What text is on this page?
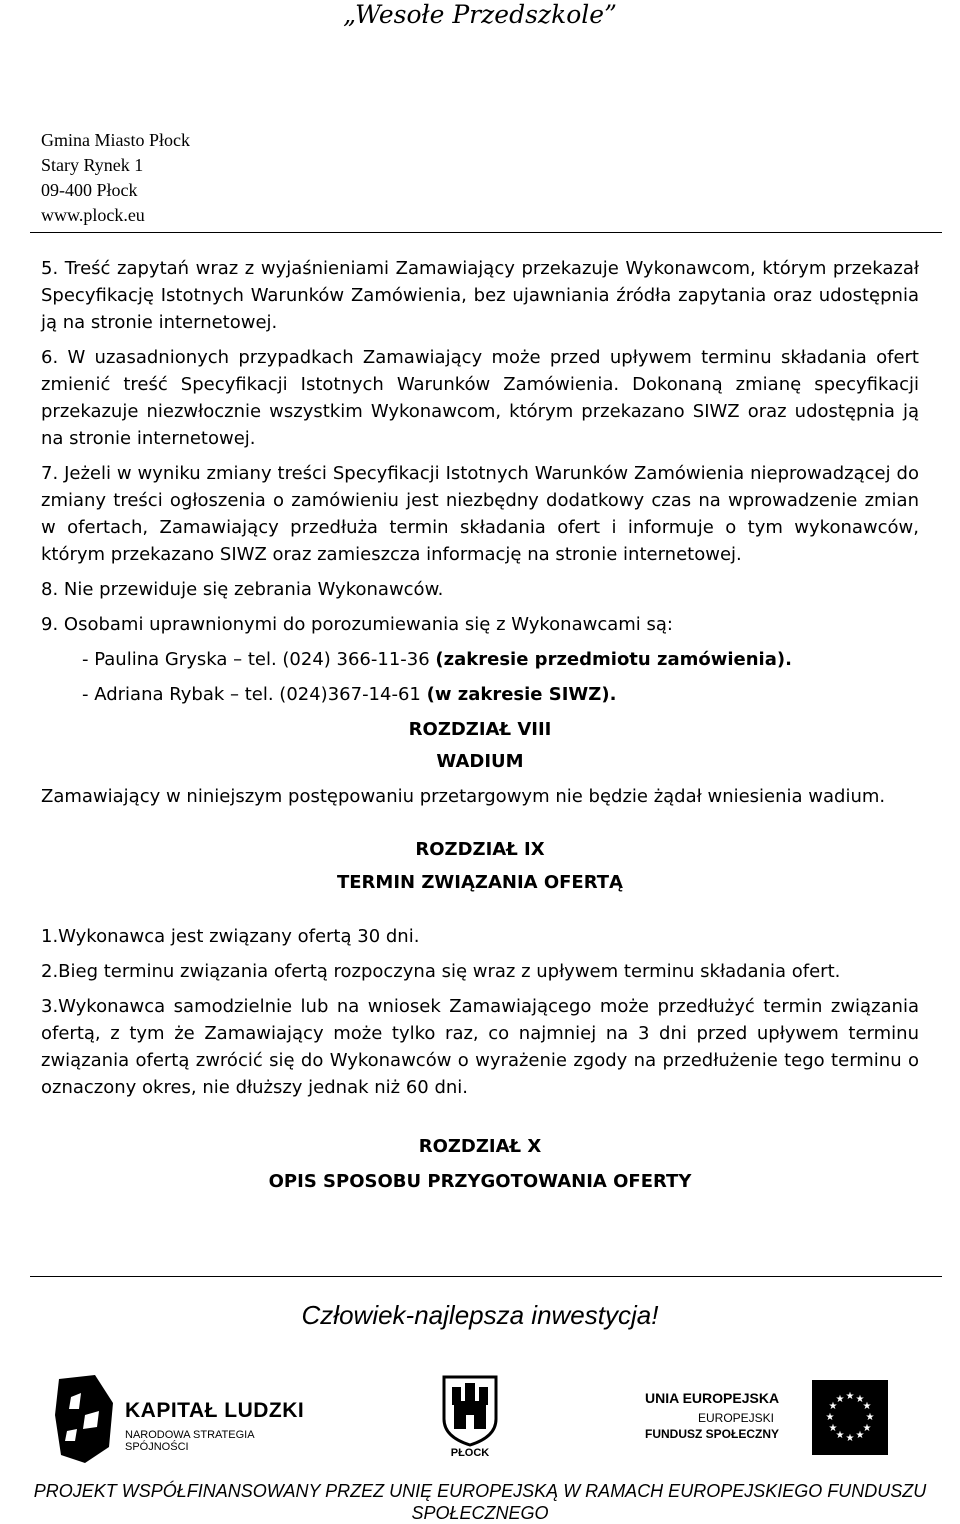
„Wesołe Przedszkole”
Gmina Miasto Płock
Stary Rynek 1
09-400 Płock
www.plock.eu

5. Treść zapytań wraz z wyjaśnieniami Zamawiający przekazuje Wykonawcom, którym przekazał Specyfikację Istotnych Warunków Zamówienia, bez ujawniania źródła zapytania oraz udostępnia ją na stronie internetowej.

6. W uzasadnionych przypadkach Zamawiający może przed upływem terminu składania ofert zmienić treść Specyfikacji Istotnych Warunków Zamówienia. Dokonaną zmianę specyfikacji przekazuje niezwłocznie wszystkim Wykonawcom, którym przekazano SIWZ oraz udostępnia ją na stronie internetowej.

7. Jeżeli w wyniku zmiany treści Specyfikacji Istotnych Warunków Zamówienia nieprowadzącej do zmiany treści ogłoszenia o zamówieniu jest niezbędny dodatkowy czas na wprowadzenie zmian w ofertach, Zamawiający przedłuża termin składania ofert i informuje o tym wykonawców, którym przekazano SIWZ oraz zamieszcza informację na stronie internetowej.

8. Nie przewiduje się zebrania Wykonawców.

9. Osobami uprawnionymi do porozumiewania się z Wykonawcami są:

- Paulina Gryska – tel. (024) 366-11-36 (zakresie przedmiotu zamówienia).

- Adriana Rybak – tel. (024)367-14-61 (w zakresie SIWZ).

ROZDZIAŁ VIII

WADIUM

Zamawiający w niniejszym postępowaniu przetargowym nie będzie żądał wniesienia wadium.

ROZDZIAŁ IX

TERMIN ZWIĄZANIA OFERTĄ

1.Wykonawca jest związany ofertą 30 dni.

2.Bieg terminu związania ofertą rozpoczyna się wraz z upływem terminu składania ofert.

3.Wykonawca samodzielnie lub na wniosek Zamawiającego może przedłużyć termin związania ofertą, z tym że Zamawiający może tylko raz, co najmniej na 3 dni przed upływem terminu związania ofertą zwrócić się do Wykonawców o wyrażenie zgody na przedłużenie tego terminu o oznaczony okres, nie dłuższy jednak niż 60 dni.

ROZDZIAŁ X

OPIS SPOSOBU PRZYGOTOWANIA OFERTY

Człowiek-najlepsza inwestycja!
KAPITAŁ LUDZKI
NARODOWA STRATEGIA SPÓJNOŚCI	PŁOCK
UNIA EUROPEJSKA
EUROPEJSKI
FUNDUSZ SPOŁECZNY
★ ★
★
★
★
★
★
★
★
★
★
★
PROJEKT WSPÓŁFINANSOWANY PRZEZ UNIĘ EUROPEJSKĄ W RAMACH EUROPEJSKIEGO FUNDUSZU SPOŁECZNEGO
